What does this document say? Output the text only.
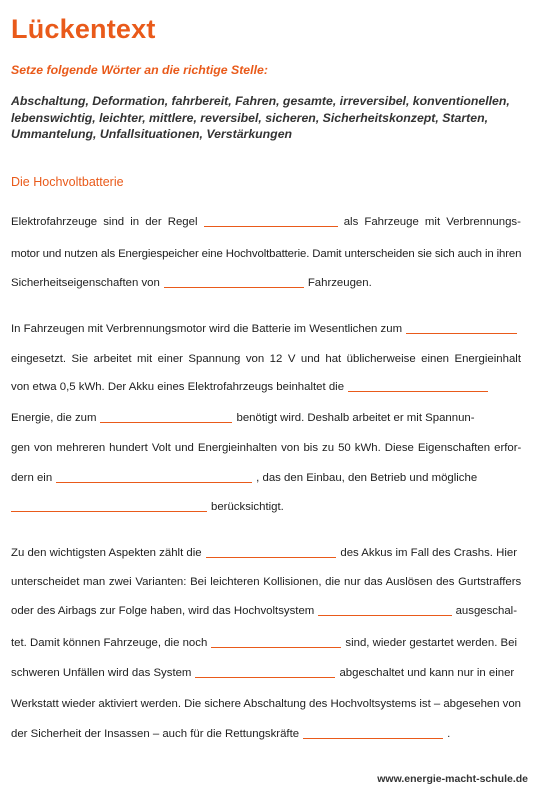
Lückentext
Setze folgende Wörter an die richtige Stelle:
Abschaltung, Deformation, fahrbereit, Fahren, gesamte, irreversibel, konventionellen, lebenswichtig, leichter, mittlere, reversibel, sicheren, Sicherheitskonzept, Starten, Ummantelung, Unfallsituationen, Verstärkungen
Die Hochvoltbatterie
Elektrofahrzeuge sind in der Regel	als Fahrzeuge mit Verbrennungs-
motor und nutzen als Energiespeicher eine Hochvoltbatterie. Damit unterscheiden sie sich auch in ihren
Sicherheitseigenschaften von	Fahrzeugen.
In Fahrzeugen mit Verbrennungsmotor wird die Batterie im Wesentlichen zum
eingesetzt. Sie arbeitet mit einer Spannung von 12 V und hat üblicherweise einen Energieinhalt
von etwa 0,5 kWh. Der Akku eines Elektrofahrzeugs beinhaltet die
Energie, die zum	benötigt wird. Deshalb arbeitet er mit Spannun-
gen von mehreren hundert Volt und Energieinhalten von bis zu 50 kWh. Diese Eigenschaften erfor-
dern ein	, das den Einbau, den Betrieb und mögliche
berücksichtigt.
Zu den wichtigsten Aspekten zählt die	des Akkus im Fall des Crashs. Hier
unterscheidet man zwei Varianten: Bei leichteren Kollisionen, die nur das Auslösen des Gurtstraffers
oder des Airbags zur Folge haben, wird das Hochvoltsystem	ausgeschal-
tet. Damit können Fahrzeuge, die noch	sind, wieder gestartet werden. Bei
schweren Unfällen wird das System	abgeschaltet und kann nur in einer
Werkstatt wieder aktiviert werden. Die sichere Abschaltung des Hochvoltsystems ist – abgesehen von
der Sicherheit der Insassen – auch für die Rettungskräfte	.
www.energie-macht-schule.de
